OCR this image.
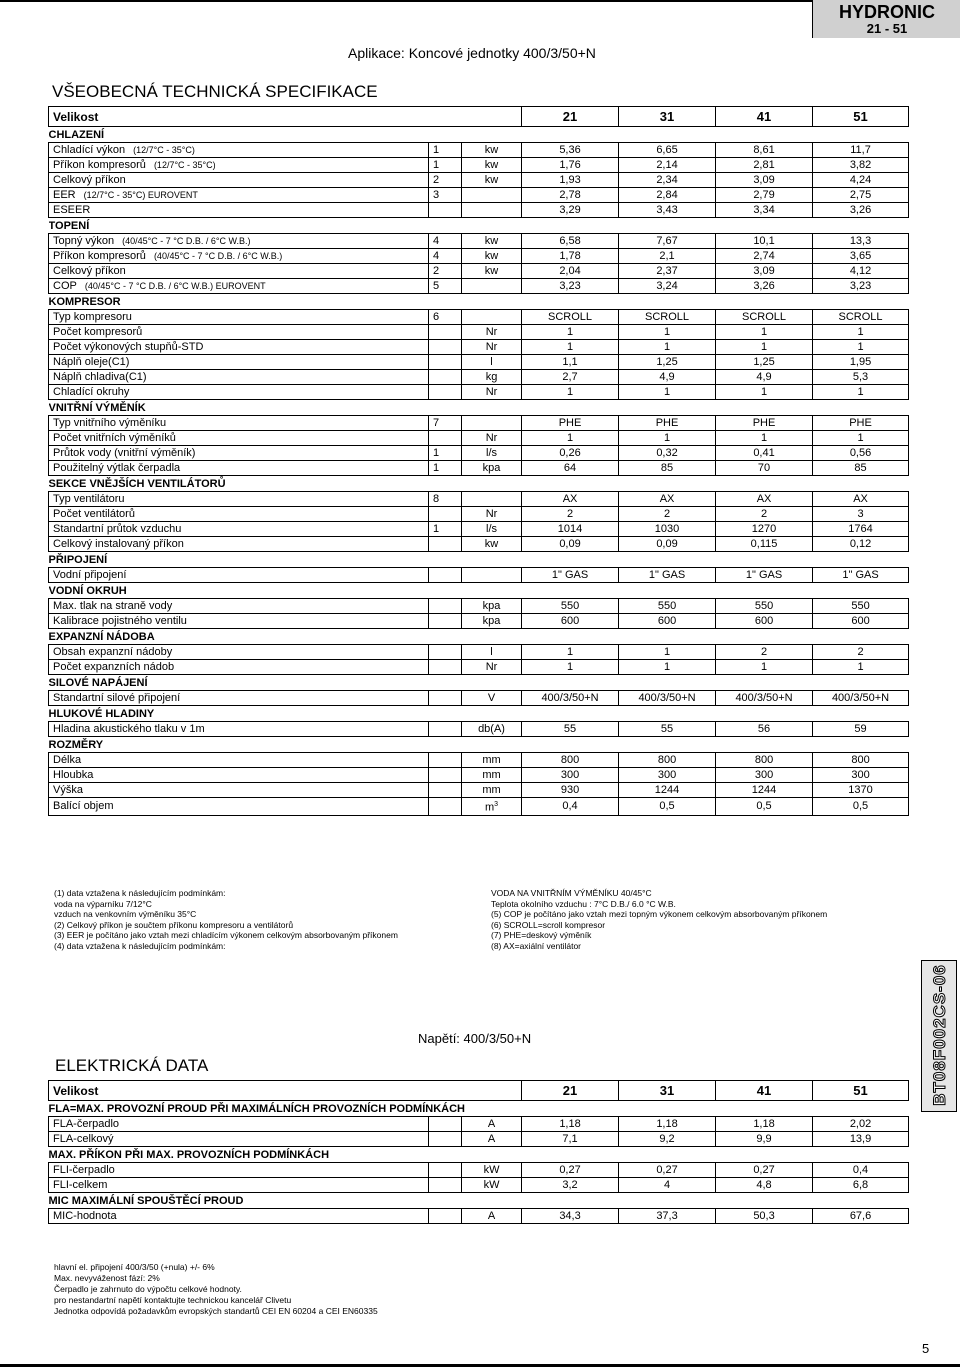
HYDRONIC
21 - 51
Aplikace: Koncové jednotky 400/3/50+N
VŠEOBECNÁ TECHNICKÁ SPECIFIKACE
Velikost			21	31	41	51
CHLAZENÍ						
Chladící výkon (12/7°C - 35°C)	1	kw	5,36	6,65	8,61	11,7
Příkon kompresorů (12/7°C - 35°C)	1	kw	1,76	2,14	2,81	3,82
Celkový příkon	2	kw	1,93	2,34	3,09	4,24
EER (12/7°C - 35°C) EUROVENT	3		2,78	2,84	2,79	2,75
ESEER			3,29	3,43	3,34	3,26
TOPENÍ						
Topný výkon (40/45°C - 7 °C D.B. / 6°C W.B.)	4	kw	6,58	7,67	10,1	13,3
Příkon kompresorů (40/45°C - 7 °C D.B. / 6°C W.B.)	4	kw	1,78	2,1	2,74	3,65
Celkový příkon	2	kw	2,04	2,37	3,09	4,12
COP (40/45°C - 7 °C D.B. / 6°C W.B.) EUROVENT	5		3,23	3,24	3,26	3,23
KOMPRESOR						
Typ kompresoru	6		SCROLL	SCROLL	SCROLL	SCROLL
Počet kompresorů		Nr	1	1	1	1
Počet výkonových stupňů-STD		Nr	1	1	1	1
Náplň oleje(C1)		l	1,1	1,25	1,25	1,95
Náplň chladiva(C1)		kg	2,7	4,9	4,9	5,3
Chladící okruhy		Nr	1	1	1	1
VNITŘNÍ VÝMĚNÍK						
Typ vnitřního výměníku	7		PHE	PHE	PHE	PHE
Počet vnitřních výměníků		Nr	1	1	1	1
Průtok vody (vnitřní výměník)	1	l/s	0,26	0,32	0,41	0,56
Použitelný výtlak čerpadla	1	kpa	64	85	70	85
SEKCE VNĚJŠÍCH VENTILÁTORŮ						
Typ ventilátoru	8		AX	AX	AX	AX
Počet ventilátorů		Nr	2	2	2	3
Standartní průtok vzduchu	1	l/s	1014	1030	1270	1764
Celkový instalovaný příkon		kw	0,09	0,09	0,115	0,12
PŘIPOJENÍ						
Vodní připojení			1" GAS	1" GAS	1" GAS	1" GAS
VODNÍ OKRUH						
Max. tlak na straně vody		kpa	550	550	550	550
Kalibrace pojistného ventilu		kpa	600	600	600	600
EXPANZNÍ NÁDOBA						
Obsah expanzní nádoby		l	1	1	2	2
Počet expanzních nádob		Nr	1	1	1	1
SILOVÉ NAPÁJENÍ						
Standartní silové připojení		V	400/3/50+N	400/3/50+N	400/3/50+N	400/3/50+N
HLUKOVÉ HLADINY						
Hladina akustického tlaku v 1m		db(A)	55	55	56	59
ROZMĚRY						
Délka		mm	800	800	800	800
Hloubka		mm	300	300	300	300
Výška		mm	930	1244	1244	1370
Balící objem		$m^3$	0,4	0,5	0,5	0,5
(1) data vztažena k následujícím podmínkám:
voda na výparníku 7/12°C
vzduch na venkovním výměníku 35°C
(2) Celkový příkon je součtem příkonu kompresoru a ventilátorů
(3) EER je počítáno jako vztah mezi chladícím výkonem celkovým absorbovaným příkonem
(4) data vztažena k následujícím podmínkám:
VODA NA VNITŘNÍM VÝMĚNÍKU 40/45°C
Teplota okolního vzduchu : 7°C D.B./ 6.0 °C W.B.
(5) COP je počítáno jako vztah mezi topným výkonem celkovým absorbovaným příkonem
(6) SCROLL=scroll kompresor
(7) PHE=deskový výměník
(8) AX=axiální ventilátor
BT08F002CS-06
Napětí: 400/3/50+N
ELEKTRICKÁ DATA
Velikost			21	31	41	51
FLA=MAX. PROVOZNÍ PROUD PŘI MAXIMÁLNÍCH PROVOZNÍCH PODMÍNKÁCH						
FLA-čerpadlo		A	1,18	1,18	1,18	2,02
FLA-celkový		A	7,1	9,2	9,9	13,9
MAX. PŘÍKON PŘI MAX. PROVOZNÍCH PODMÍNKÁCH						
FLI-čerpadlo		kW	0,27	0,27	0,27	0,4
FLI-celkem		kW	3,2	4	4,8	6,8
MIC MAXIMÁLNÍ SPOUŠTĚCÍ PROUD						
MIC-hodnota		A	34,3	37,3	50,3	67,6
hlavní el. připojení 400/3/50 (+nula) +/- 6%
Max. nevyváženost fází: 2%
Čerpadlo je zahrnuto do výpočtu celkové hodnoty.
pro nestandartní napětí kontaktujte technickou kancelář Clivetu
Jednotka odpovídá požadavkům evropských standartů CEI EN 60204 a CEI EN60335
5
